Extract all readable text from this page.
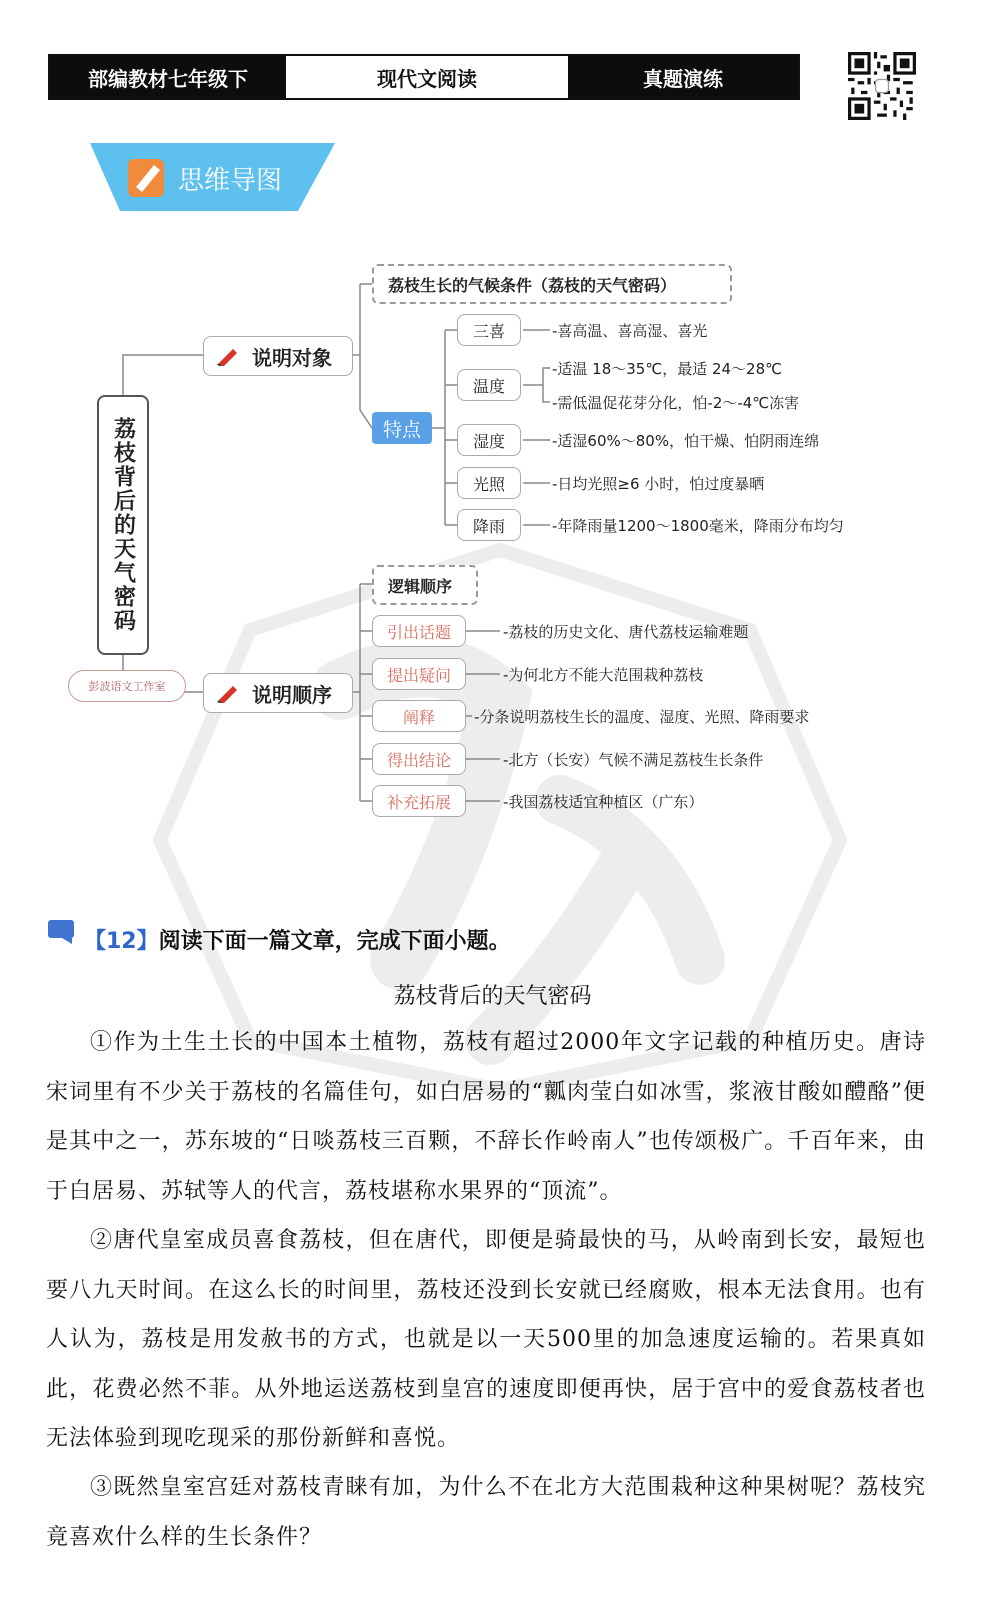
部编教材七年级下	现代文阅读	真题演练
思维导图
荔枝背后的天气密码
彭波语文工作室
说明对象
荔枝生长的气候条件（荔枝的天气密码）
特点
三喜
温度
湿度
光照
降雨
-喜高温、喜高湿、喜光
-适温 18～35℃，最适 24～28℃
-需低温促花芽分化，怕-2～-4℃冻害
-适湿60%～80%，怕干燥、怕阴雨连绵
-日均光照≥6 小时，怕过度暴晒
-年降雨量1200～1800毫米，降雨分布均匀
说明顺序
逻辑顺序
引出话题
提出疑问
阐释
得出结论
补充拓展
-荔枝的历史文化、唐代荔枝运输难题
-为何北方不能大范围栽种荔枝
-分条说明荔枝生长的温度、湿度、光照、降雨要求
-北方（长安）气候不满足荔枝生长条件
-我国荔枝适宜种植区（广东）
【12】阅读下面一篇文章，完成下面小题。
荔枝背后的天气密码
①作为土生土长的中国本土植物，荔枝有超过2000年文字记载的种植历史。唐诗宋词里有不少关于荔枝的名篇佳句，如白居易的“瓤肉莹白如冰雪，浆液甘酸如醴酪”便是其中之一，苏东坡的“日啖荔枝三百颗，不辞长作岭南人”也传颂极广。千百年来，由于白居易、苏轼等人的代言，荔枝堪称水果界的“顶流”。
②唐代皇室成员喜食荔枝，但在唐代，即便是骑最快的马，从岭南到长安，最短也要八九天时间。在这么长的时间里，荔枝还没到长安就已经腐败，根本无法食用。也有人认为，荔枝是用发赦书的方式，也就是以一天500里的加急速度运输的。若果真如此，花费必然不菲。从外地运送荔枝到皇宫的速度即便再快，居于宫中的爱食荔枝者也无法体验到现吃现采的那份新鲜和喜悦。
③既然皇室宫廷对荔枝青睐有加，为什么不在北方大范围栽种这种果树呢？荔枝究竟喜欢什么样的生长条件？
